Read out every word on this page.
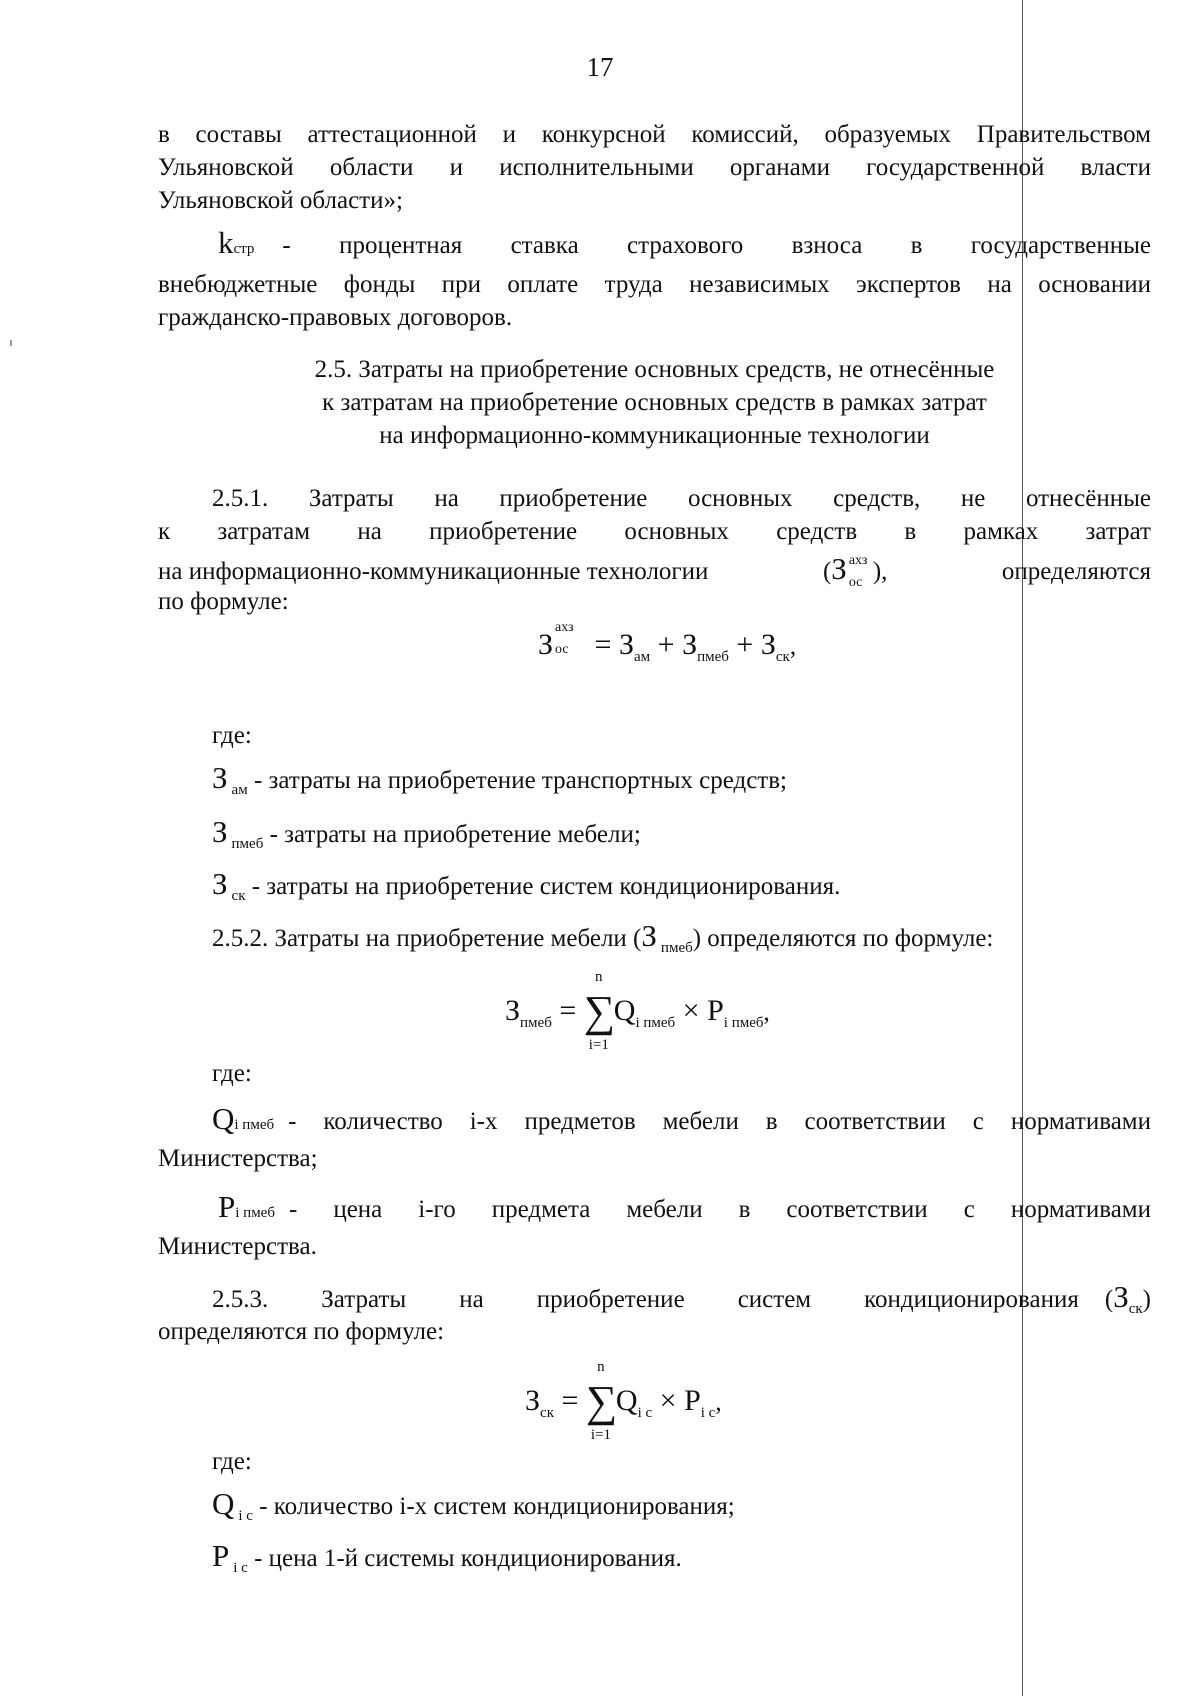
17

в составы аттестационной и конкурсной комиссий, образуемых Правительством

Ульяновской области и исполнительными органами государственной власти

Ульяновской области»;

$k_{стр}$ - процентная ставка страхового взноса в государственные

внебюджетные фонды при оплате труда независимых экспертов на основании

гражданско-правовых договоров.

2.5. Затраты на приобретение основных средств, не отнесённые

к затратам на приобретение основных средств в рамках затрат

на информационно-коммуникационные технологии

2.5.1. Затраты на приобретение основных средств, не отнесённые

к затратам на приобретение основных средств в рамках затрат

на информационно-коммуникационные технологии	(З ахз
ос ),	определяются

по формуле:

З
ахз
ос = $З_{ам} + З_{пмеб} + З_{ск}$,
где:
З $_{ам}$ - затраты на приобретение транспортных средств;
З $_{пмеб}$ - затраты на приобретение мебели;
З $_{ск}$ - затраты на приобретение систем кондиционирования.
2.5.2. Затраты на приобретение мебели (З $_{пмеб}$) определяются по формуле:
$З_{пмеб}$ = ∑
n
i=1
$Q_{i пмеб} \times P_{i пмеб}$,
где:
$Q_{i пмеб}$ - количество i-х предметов мебели в соответствии с нормативами

Министерства;

$P_{i пмеб}$ - цена i-го предмета мебели в соответствии с нормативами

Министерства.

2.5.3. Затраты на приобретение систем кондиционирования $(З_{ск})$

определяются по формуле:

$З_{ск}$ = ∑
n
i=1
$Q_{i c} \times P_{i c}$,
где:
Q $_{i c}$ - количество i-х систем кондиционирования;
P $_{i c}$ - цена 1-й системы кондиционирования.
